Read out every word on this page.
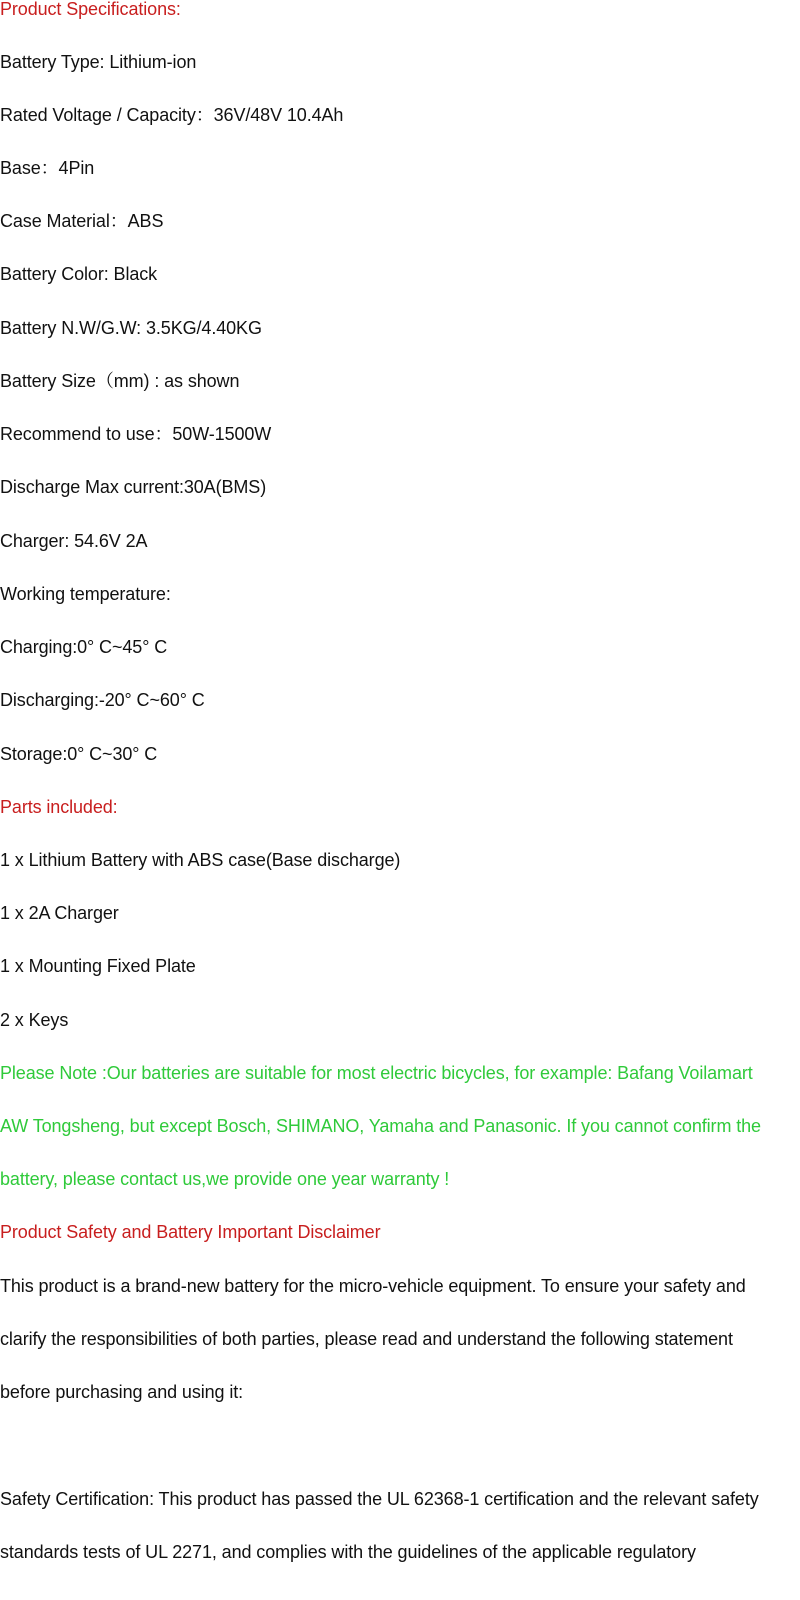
Product Specifications:

Battery Type: Lithium-ion

Rated Voltage / Capacity：36V/48V 10.4Ah

Base：4Pin

Case Material：ABS

Battery Color: Black

Battery N.W/G.W: 3.5KG/4.40KG

Battery Size（mm) : as shown

Recommend to use：50W-1500W

Discharge Max current:30A(BMS)

Charger: 54.6V 2A

Working temperature:

Charging:0° C~45° C

Discharging:-20° C~60° C

Storage:0° C~30° C

Parts included:

1 x Lithium Battery with ABS case(Base discharge)

1 x 2A Charger

1 x Mounting Fixed Plate

2 x Keys

Please Note :Our batteries are suitable for most electric bicycles, for example: Bafang Voilamart

AW Tongsheng, but except Bosch, SHIMANO, Yamaha and Panasonic. If you cannot confirm the

battery, please contact us,we provide one year warranty !

Product Safety and Battery Important Disclaimer

This product is a brand-new battery for the micro-vehicle equipment. To ensure your safety and

clarify the responsibilities of both parties, please read and understand the following statement

before purchasing and using it:

Safety Certification: This product has passed the UL 62368-1 certification and the relevant safety

standards tests of UL 2271, and complies with the guidelines of the applicable regulatory
